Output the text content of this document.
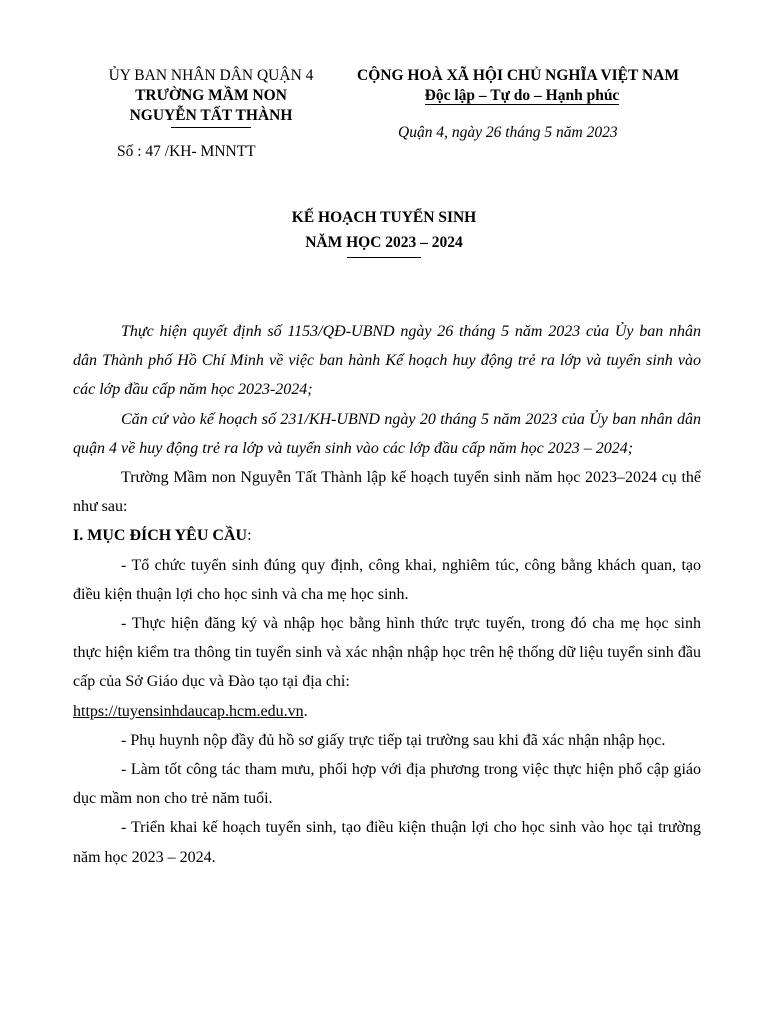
ỦY BAN NHÂN DÂN QUẬN 4
TRƯỜNG MẦM NON
NGUYỄN TẤT THÀNH
CỘNG HOÀ XÃ HỘI CHỦ NGHĨA VIỆT NAM
Độc lập – Tự do – Hạnh phúc
Quận 4, ngày 26 tháng 5 năm 2023
Số : 47 /KH- MNNTT
KẾ HOẠCH TUYỂN SINH
NĂM HỌC 2023 – 2024

Thực hiện quyết định số 1153/QĐ-UBND ngày 26 tháng 5 năm 2023 của Ủy ban nhân dân Thành phố Hồ Chí Minh về việc ban hành Kế hoạch huy động trẻ ra lớp và tuyển sinh vào các lớp đầu cấp năm học 2023-2024;

Căn cứ vào kế hoạch số 231/KH-UBND ngày 20 tháng 5 năm 2023 của Ủy ban nhân dân quận 4 về huy động trẻ ra lớp và tuyển sinh vào các lớp đầu cấp năm học 2023 – 2024;

Trường Mầm non Nguyễn Tất Thành lập kế hoạch tuyển sinh năm học 2023–2024 cụ thể như sau:

I. MỤC ĐÍCH YÊU CẦU:

- Tổ chức tuyển sinh đúng quy định, công khai, nghiêm túc, công bằng khách quan, tạo điều kiện thuận lợi cho học sinh và cha mẹ học sinh.

- Thực hiện đăng ký và nhập học bằng hình thức trực tuyến, trong đó cha mẹ học sinh thực hiện kiểm tra thông tin tuyển sinh và xác nhận nhập học trên hệ thống dữ liệu tuyển sinh đầu cấp của Sở Giáo dục và Đào tạo tại địa chỉ:

https://tuyensinhdaucap.hcm.edu.vn.

- Phụ huynh nộp đầy đủ hồ sơ giấy trực tiếp tại trường sau khi đã xác nhận nhập học.

- Làm tốt công tác tham mưu, phối hợp với địa phương trong việc thực hiện phổ cập giáo dục mầm non cho trẻ năm tuổi.

- Triển khai kế hoạch tuyển sinh, tạo điều kiện thuận lợi cho học sinh vào học tại trường năm học 2023 – 2024.
